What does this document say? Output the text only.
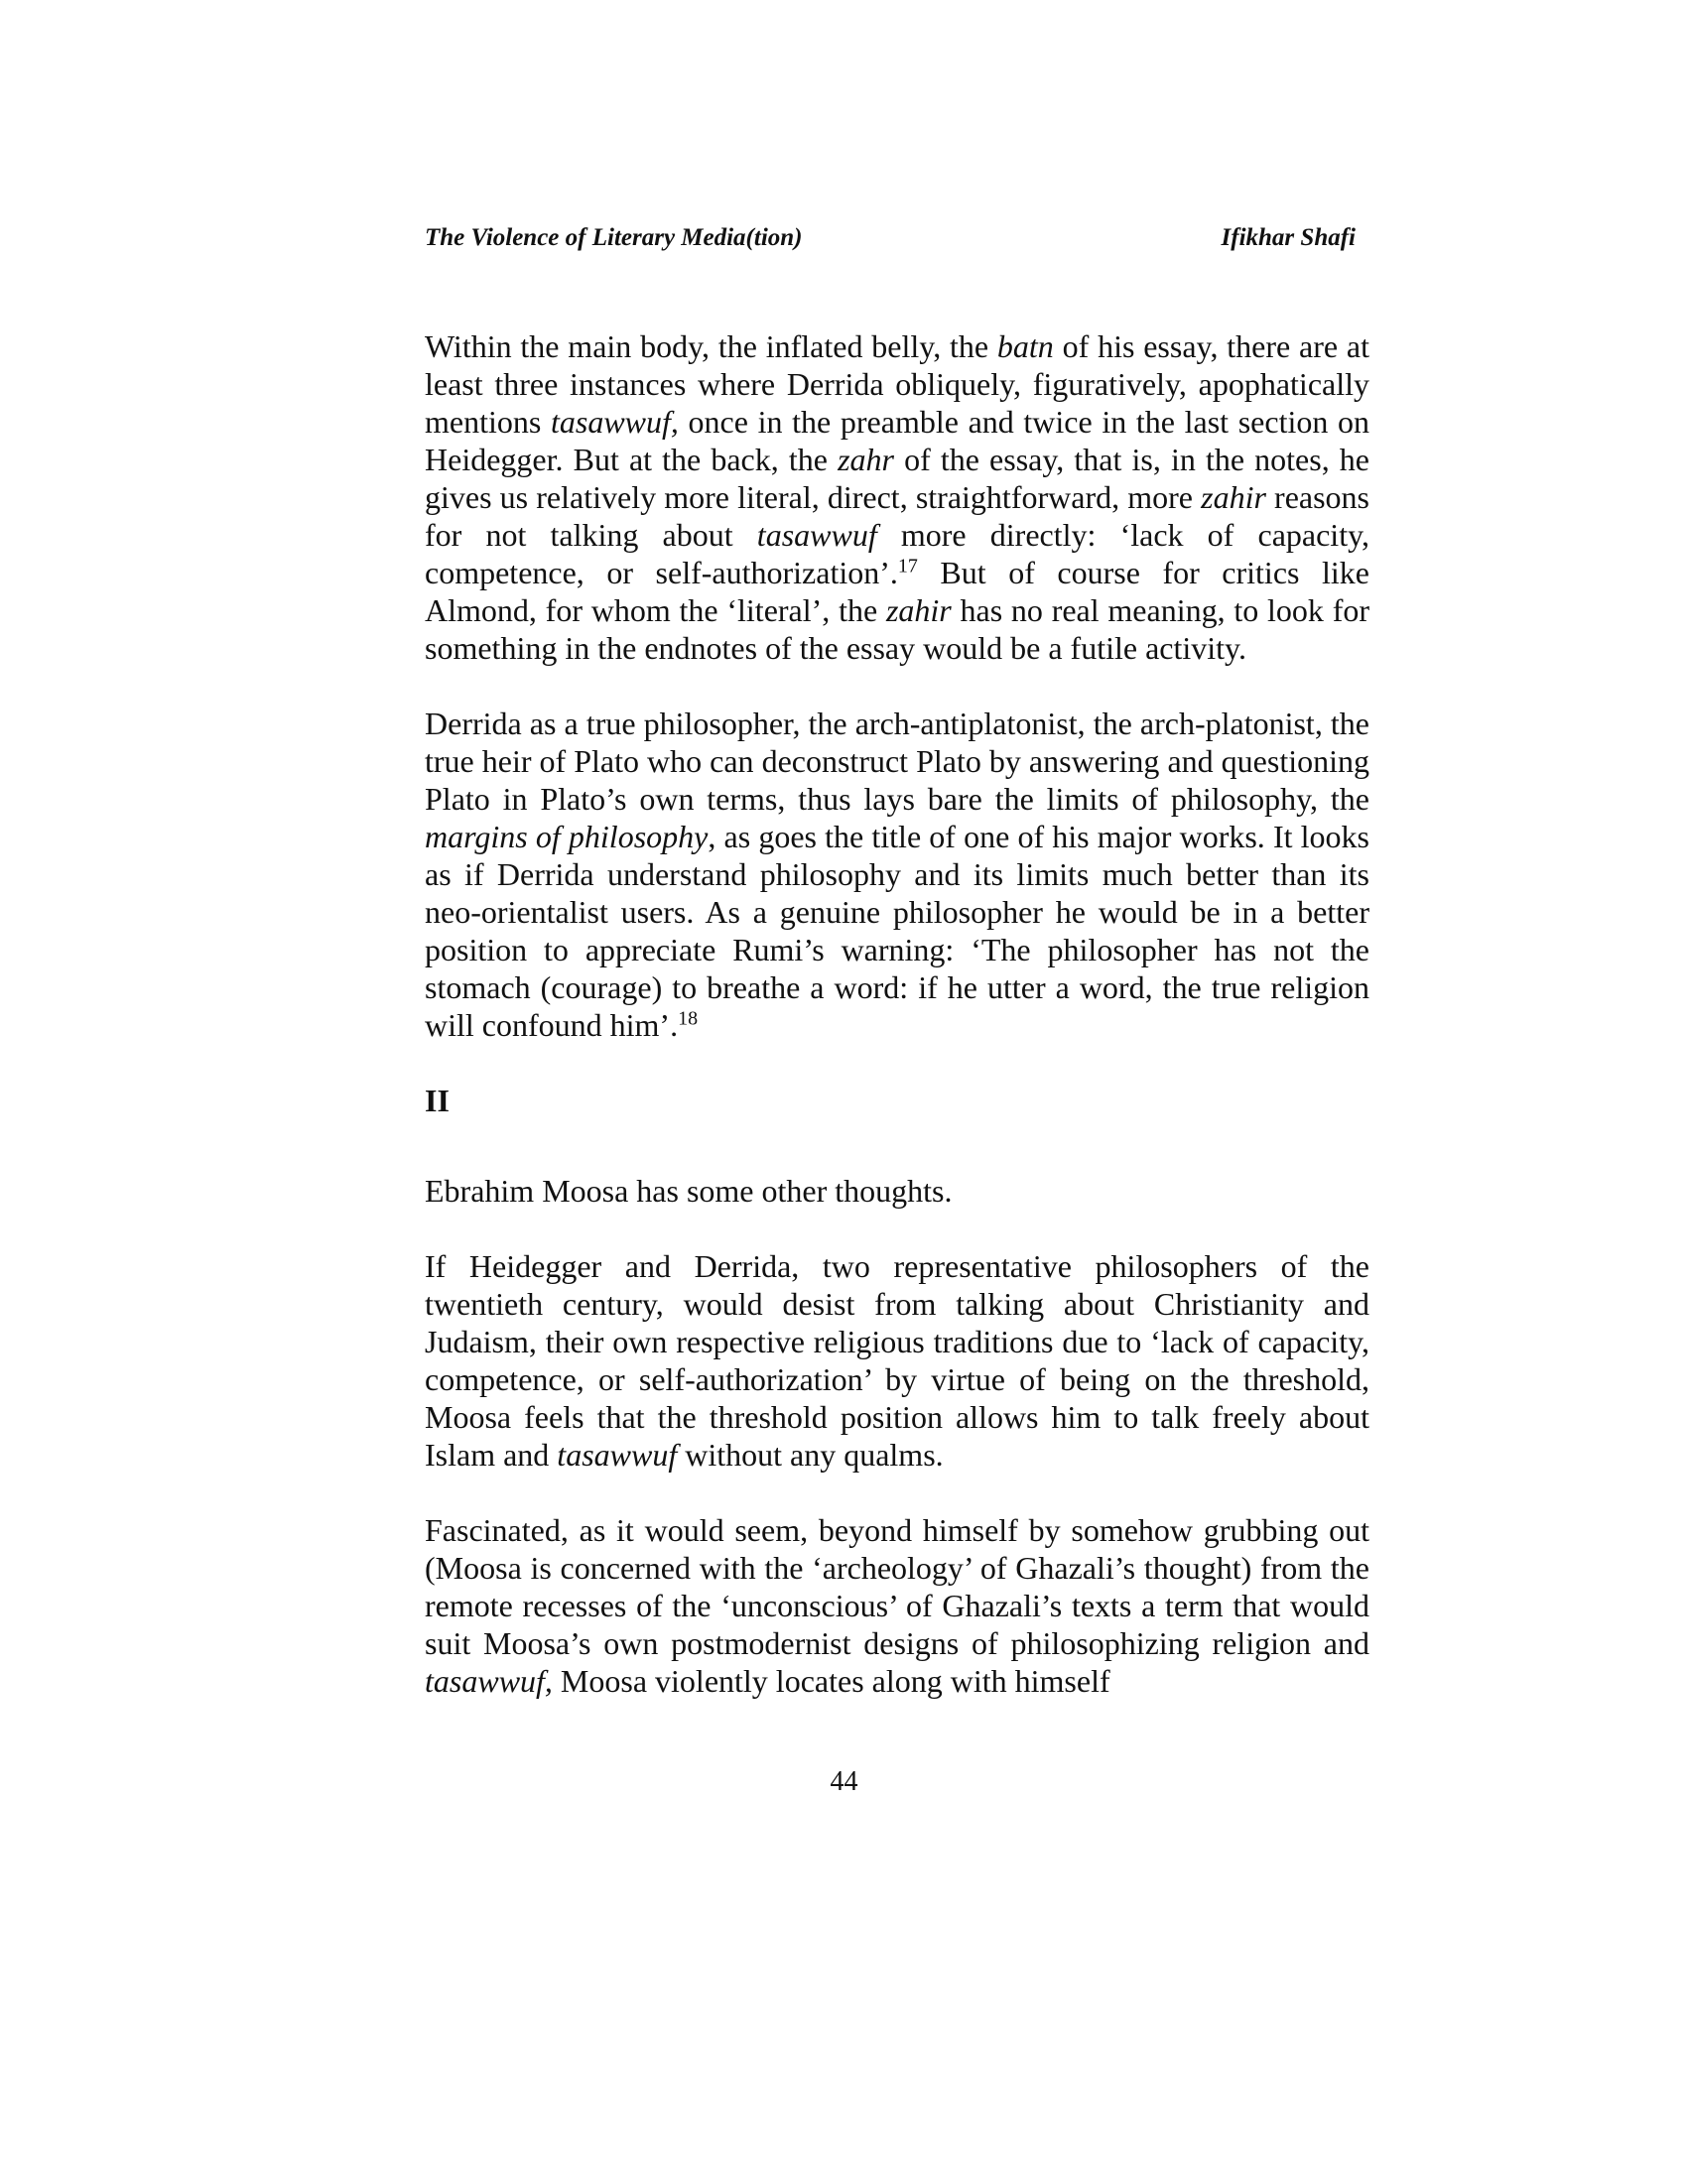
The Violence of Literary Media(tion)	Ifikhar Shafi

Within the main body, the inflated belly, the batn of his essay, there are at least three instances where Derrida obliquely, figuratively, apophatically mentions tasawwuf, once in the preamble and twice in the last section on Heidegger. But at the back, the zahr of the essay, that is, in the notes, he gives us relatively more literal, direct, straightforward, more zahir reasons for not talking about tasawwuf more directly: ‘lack of capacity, competence, or self-authorization’.$^{17}$ But of course for critics like Almond, for whom the ‘literal’, the zahir has no real meaning, to look for something in the endnotes of the essay would be a futile activity.

Derrida as a true philosopher, the arch-antiplatonist, the arch-platonist, the true heir of Plato who can deconstruct Plato by answering and questioning Plato in Plato’s own terms, thus lays bare the limits of philosophy, the margins of philosophy, as goes the title of one of his major works. It looks as if Derrida understand philosophy and its limits much better than its neo-orientalist users. As a genuine philosopher he would be in a better position to appreciate Rumi’s warning: ‘The philosopher has not the stomach (courage) to breathe a word: if he utter a word, the true religion will confound him’.$^{18}$

II

Ebrahim Moosa has some other thoughts.

If Heidegger and Derrida, two representative philosophers of the twentieth century, would desist from talking about Christianity and Judaism, their own respective religious traditions due to ‘lack of capacity, competence, or self-authorization’ by virtue of being on the threshold, Moosa feels that the threshold position allows him to talk freely about Islam and tasawwuf without any qualms.

Fascinated, as it would seem, beyond himself by somehow grubbing out (Moosa is concerned with the ‘archeology’ of Ghazali’s thought) from the remote recesses of the ‘unconscious’ of Ghazali’s texts a term that would suit Moosa’s own postmodernist designs of philosophizing religion and tasawwuf, Moosa violently locates along with himself

44
